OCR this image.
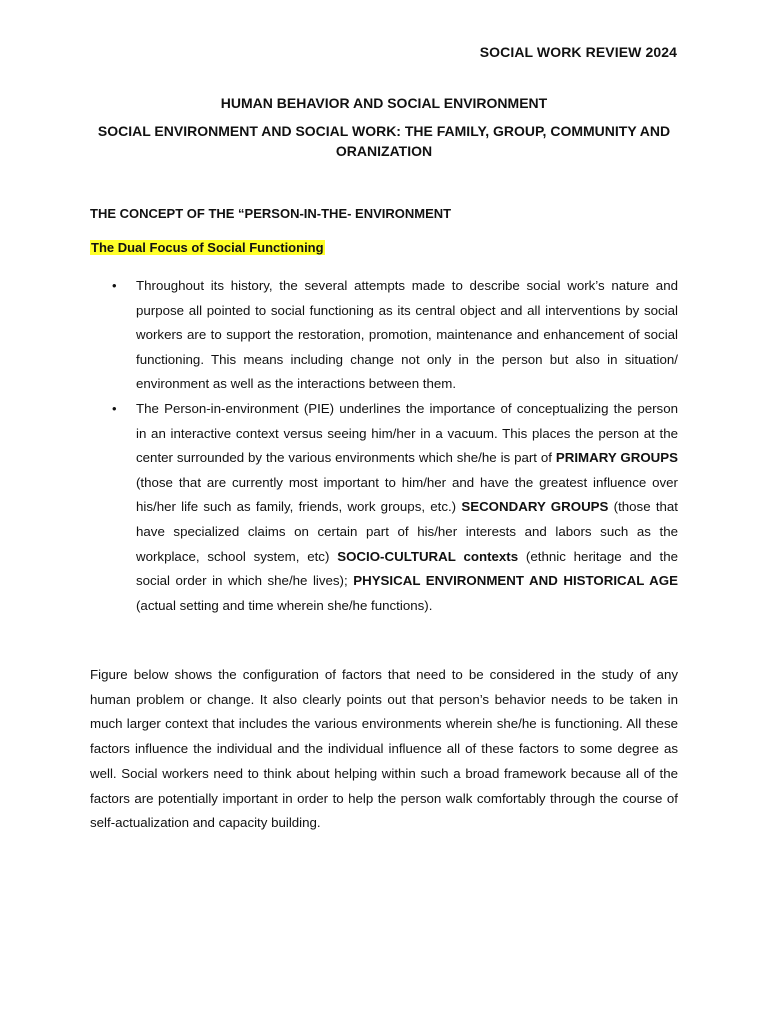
SOCIAL WORK REVIEW 2024
HUMAN BEHAVIOR AND SOCIAL ENVIRONMENT
SOCIAL ENVIRONMENT AND SOCIAL WORK: THE FAMILY, GROUP, COMMUNITY AND ORANIZATION
THE CONCEPT OF THE “PERSON-IN-THE- ENVIRONMENT
The Dual Focus of Social Functioning
• Throughout its history, the several attempts made to describe social work’s nature and purpose all pointed to social functioning as its central object and all interventions by social workers are to support the restoration, promotion, maintenance and enhancement of social functioning. This means including change not only in the person but also in situation/ environment as well as the interactions between them.
• The Person-in-environment (PIE) underlines the importance of conceptualizing the person in an interactive context versus seeing him/her in a vacuum. This places the person at the center surrounded by the various environments which she/he is part of PRIMARY GROUPS (those that are currently most important to him/her and have the greatest influence over his/her life such as family, friends, work groups, etc.) SECONDARY GROUPS (those that have specialized claims on certain part of his/her interests and labors such as the workplace, school system, etc) SOCIO-CULTURAL contexts (ethnic heritage and the social order in which she/he lives); PHYSICAL ENVIRONMENT AND HISTORICAL AGE (actual setting and time wherein she/he functions).
Figure below shows the configuration of factors that need to be considered in the study of any human problem or change. It also clearly points out that person’s behavior needs to be taken in much larger context that includes the various environments wherein she/he is functioning. All these factors influence the individual and the individual influence all of these factors to some degree as well. Social workers need to think about helping within such a broad framework because all of the factors are potentially important in order to help the person walk comfortably through the course of self-actualization and capacity building.
